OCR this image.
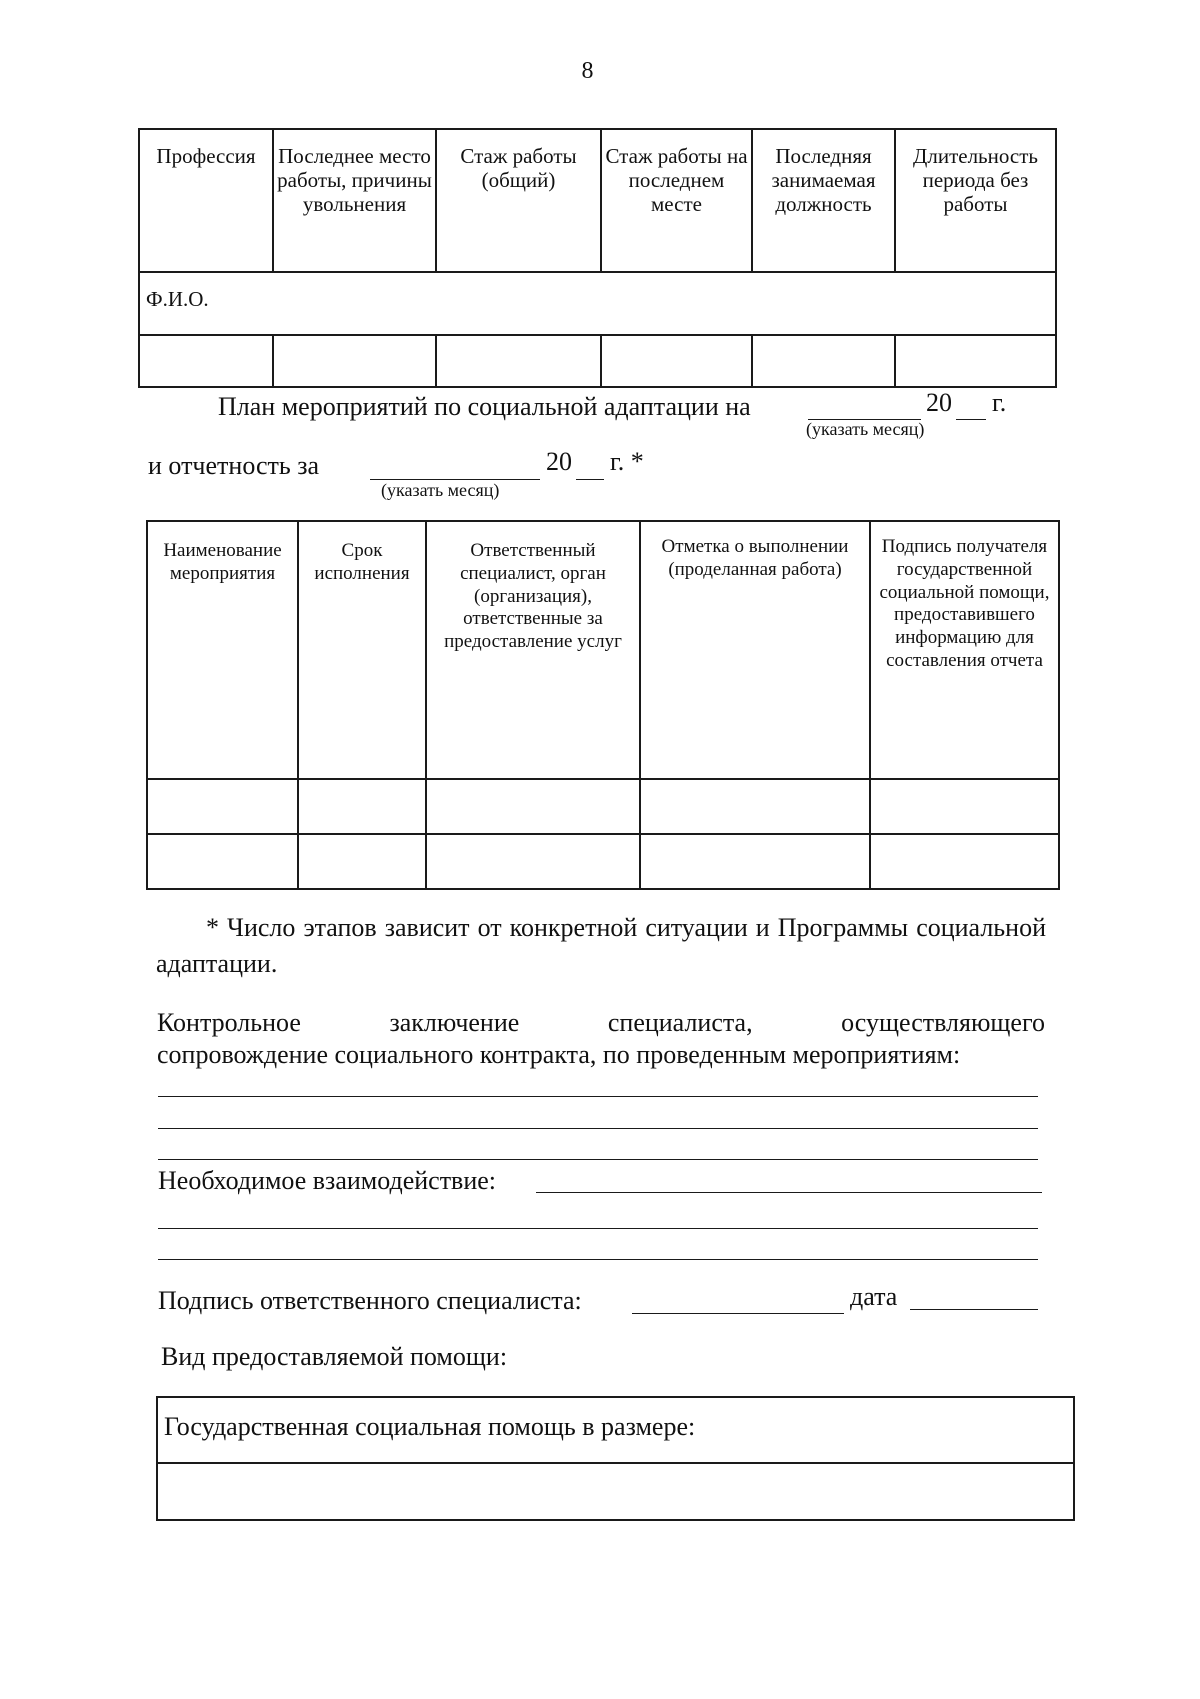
8
Профессия	Последнее место работы, причины увольнения	Стаж работы (общий)	Стаж работы на последнем месте	Последняя занимаемая должность	Длительность периода без работы
Ф.И.О.					

План мероприятий по социальной адаптации на	20 г.
(указать месяц)
и отчетность за	20 г. *
(указать месяц)
Наименование мероприятия	Срок исполнения	Ответственный специалист, орган (организация), ответственные за предоставление услуг	Отметка о выполнении (проделанная работа)	Подпись получателя государственной социальной помощи, предоставившего информацию для составления отчета

* Число этапов зависит от конкретной ситуации и Программы социальной адаптации.
Контрольное заключение специалиста, осуществляющего
сопровождение социального контракта, по проведенным мероприятиям:
Необходимое взаимодействие:
Подпись ответственного специалиста:	дата
Вид предоставляемой помощи:
Государственная социальная помощь в размере:
